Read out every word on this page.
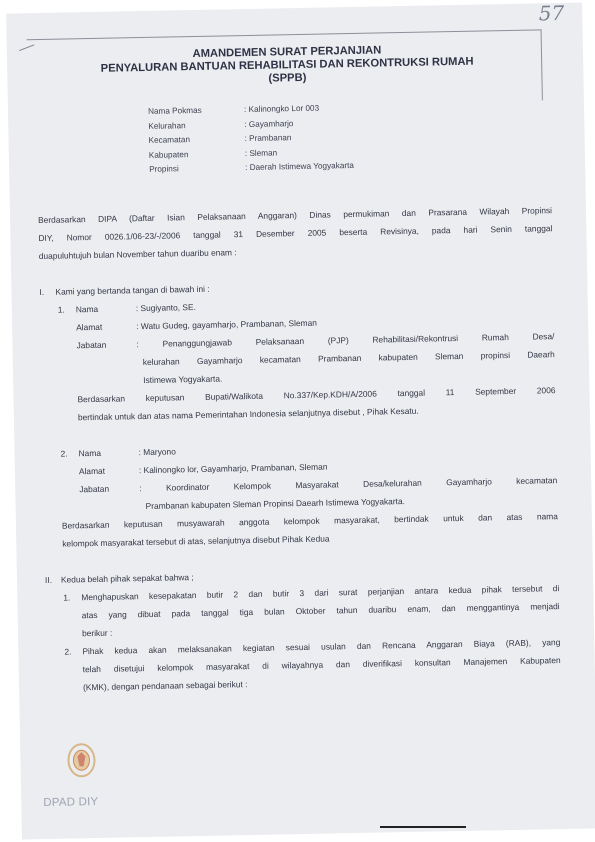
57
AMANDEMEN SURAT PERJANJIAN
PENYALURAN BANTUAN REHABILITASI DAN REKONTRUKSI RUMAH
(SPPB)
Nama Pokmas	: Kalinongko Lor 003
Kelurahan	: Gayamharjo
Kecamatan	: Prambanan
Kabupaten	: Sleman
Propinsi	: Daerah Istimewa Yogyakarta
Berdasarkan DIPA (Daftar Isian Pelaksanaan Anggaran) Dinas permukiman dan Prasarana Wilayah Propinsi
DIY, Nomor 0026.1/06-23/-/2006 tanggal 31 Desember 2005 beserta Revisinya, pada hari Senin tanggal
duapuluhtujuh bulan November tahun duaribu enam :
I. Kami yang bertanda tangan di bawah ini :
1. Nama	: Sugiyanto, SE.
Alamat	: Watu Gudeg, gayamharjo, Prambanan, Sleman
Jabatan	: Penanggungjawab Pelaksanaan (PJP) Rehabilitasi/Rekontrusi Rumah Desa/
kelurahan Gayamharjo kecamatan Prambanan kabupaten Sleman propinsi Daearh
Istimewa Yogyakarta.
Berdasarkan keputusan Bupati/Walikota No.337/Kep.KDH/A/2006 tanggal 11 September 2006
bertindak untuk dan atas nama Pemerintahan Indonesia selanjutnya disebut , Pihak Kesatu.
2. Nama	: Maryono
Alamat	: Kalinongko lor, Gayamharjo, Prambanan, Sleman
Jabatan	: Koordinator Kelompok Masyarakat Desa/kelurahan Gayamharjo kecamatan
Prambanan kabupaten Sleman Propinsi Daearh Istimewa Yogyakarta.
Berdasarkan keputusan musyawarah anggota kelompok masyarakat, bertindak untuk dan atas nama
kelompok masyarakat tersebut di atas, selanjutnya disebut Pihak Kedua
II. Kedua belah pihak sepakat bahwa ;
1. Menghapuskan kesepakatan butir 2 dan butir 3 dari surat perjanjian antara kedua pihak tersebut di
atas yang dibuat pada tanggal tiga bulan Oktober tahun duaribu enam, dan menggantinya menjadi
berikur :
2. Pihak kedua akan melaksanakan kegiatan sesuai usulan dan Rencana Anggaran Biaya (RAB), yang
telah disetujui kelompok masyarakat di wilayahnya dan diverifikasi konsultan Manajemen Kabupaten
(KMK), dengan pendanaan sebagai berikut :
DPAD DIY
